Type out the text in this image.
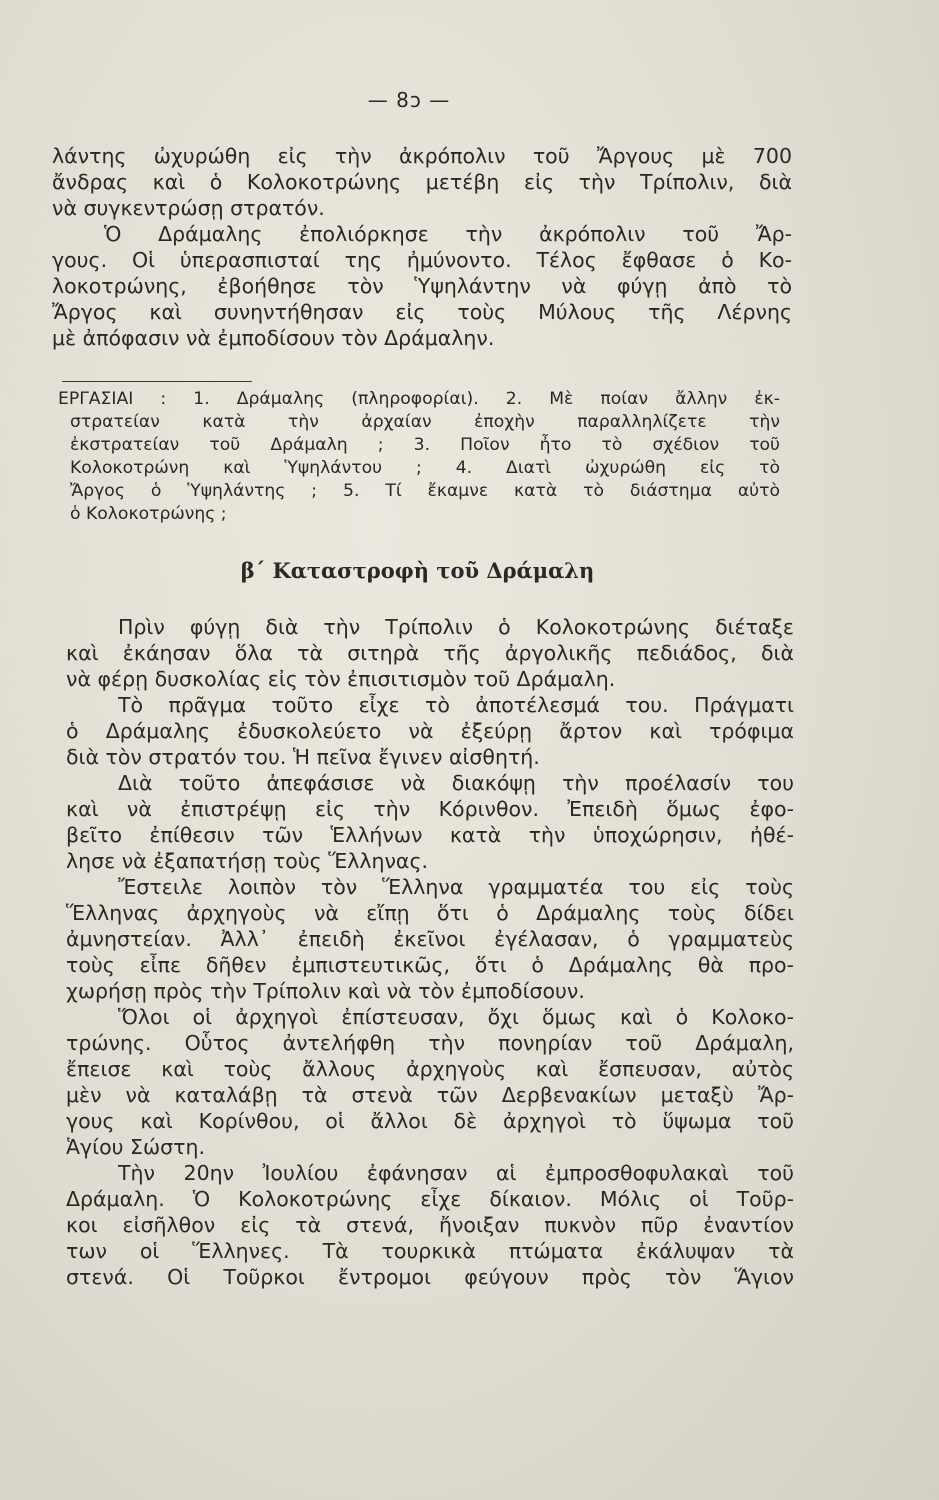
— 8ɔ —
λάντης ὠχυρώθη εἰς τὴν ἀκρόπολιν τοῦ Ἄργους μὲ 700
ἄνδρας καὶ ὁ Κολοκοτρώνης μετέβη εἰς τὴν Τρίπολιν, διὰ
νὰ συγκεντρώσῃ στρατόν.
Ὁ Δράμαλης ἐπολιόρκησε τὴν ἀκρόπολιν τοῦ Ἄρ-
γους. Οἱ ὑπερασπισταί της ἠμύνοντο. Τέλος ἔφθασε ὁ Κο-
λοκοτρώνης, ἐβοήθησε τὸν Ὑψηλάντην νὰ φύγῃ ἀπὸ τὸ
Ἄργος καὶ συνηντήθησαν εἰς τοὺς Μύλους τῆς Λέρνης
μὲ ἀπόφασιν νὰ ἐμποδίσουν τὸν Δράμαλην.
ΕΡΓΑΣΙΑΙ : 1. Δράμαλης (πληροφορίαι). 2. Μὲ ποίαν ἄλλην ἐκ-
στρατείαν κατὰ τὴν ἀρχαίαν ἐποχὴν παραλληλίζετε τὴν
ἐκστρατείαν τοῦ Δράμαλη ; 3. Ποῖον ἦτο τὸ σχέδιον τοῦ
Κολοκοτρώνη καὶ Ὑψηλάντου ; 4. Διατὶ ὠχυρώθη εἰς τὸ
Ἄργος ὁ Ὑψηλάντης ; 5. Τί ἔκαμνε κατὰ τὸ διάστημα αὐτὸ
ὁ Κολοκοτρώνης ;
β΄ Καταστροφὴ τοῦ Δράμαλη
Πρὶν φύγῃ διὰ τὴν Τρίπολιν ὁ Κολοκοτρώνης διέταξε
καὶ ἐκάησαν ὅλα τὰ σιτηρὰ τῆς ἀργολικῆς πεδιάδος, διὰ
νὰ φέρῃ δυσκολίας εἰς τὸν ἐπισιτισμὸν τοῦ Δράμαλη.
Τὸ πρᾶγμα τοῦτο εἶχε τὸ ἀποτέλεσμά του. Πράγματι
ὁ Δράμαλης ἐδυσκολεύετο νὰ ἐξεύρῃ ἄρτον καὶ τρόφιμα
διὰ τὸν στρατόν του. Ἡ πεῖνα ἔγινεν αἰσθητή.
Διὰ τοῦτο ἀπεφάσισε νὰ διακόψῃ τὴν προέλασίν του
καὶ νὰ ἐπιστρέψῃ εἰς τὴν Κόρινθον. Ἐπειδὴ ὅμως ἐφο-
βεῖτο ἐπίθεσιν τῶν Ἑλλήνων κατὰ τὴν ὑποχώρησιν, ἠθέ-
λησε νὰ ἐξαπατήσῃ τοὺς Ἕλληνας.
Ἔστειλε λοιπὸν τὸν Ἕλληνα γραμματέα του εἰς τοὺς
Ἕλληνας ἀρχηγοὺς νὰ εἴπῃ ὅτι ὁ Δράμαλης τοὺς δίδει
ἀμνηστείαν. Ἀλλ᾿ ἐπειδὴ ἐκεῖνοι ἐγέλασαν, ὁ γραμματεὺς
τοὺς εἶπε δῆθεν ἐμπιστευτικῶς, ὅτι ὁ Δράμαλης θὰ προ-
χωρήσῃ πρὸς τὴν Τρίπολιν καὶ νὰ τὸν ἐμποδίσουν.
Ὅλοι οἱ ἀρχηγοὶ ἐπίστευσαν, ὄχι ὅμως καὶ ὁ Κολοκο-
τρώνης. Οὗτος ἀντελήφθη τὴν πονηρίαν τοῦ Δράμαλη,
ἔπεισε καὶ τοὺς ἄλλους ἀρχηγοὺς καὶ ἔσπευσαν, αὐτὸς
μὲν νὰ καταλάβῃ τὰ στενὰ τῶν Δερβενακίων μεταξὺ Ἄρ-
γους καὶ Κορίνθου, οἱ ἄλλοι δὲ ἀρχηγοὶ τὸ ὕψωμα τοῦ
Ἁγίου Σώστη.
Τὴν 20ην Ἰουλίου ἐφάνησαν αἱ ἐμπροσθοφυλακαὶ τοῦ
Δράμαλη. Ὁ Κολοκοτρώνης εἶχε δίκαιον. Μόλις οἱ Τοῦρ-
κοι εἰσῆλθον εἰς τὰ στενά, ἤνοιξαν πυκνὸν πῦρ ἐναντίον
των οἱ Ἕλληνες. Τὰ τουρκικὰ πτώματα ἐκάλυψαν τὰ
στενά. Οἱ Τοῦρκοι ἔντρομοι φεύγουν πρὸς τὸν Ἅγιον
